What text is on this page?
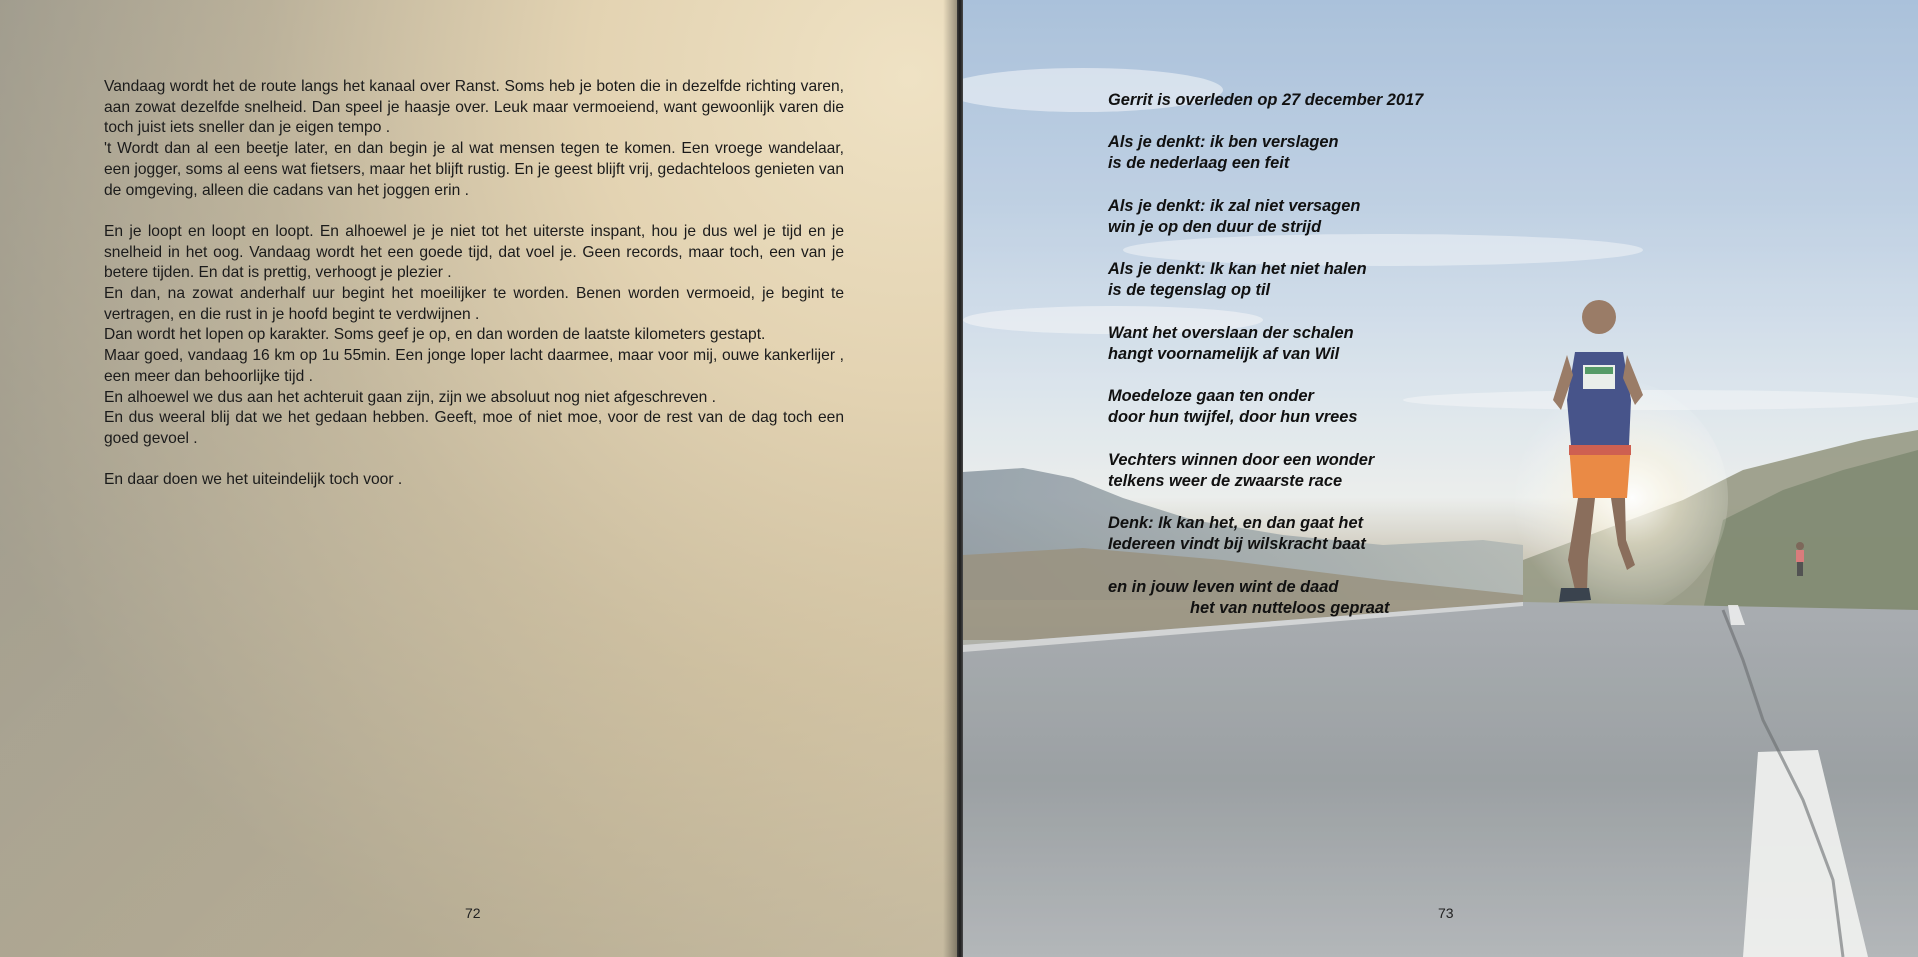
Vandaag wordt het de route langs het kanaal over Ranst. Soms heb je boten die in dezelfde richting varen, aan zowat dezelfde snelheid. Dan speel je haasje over. Leuk maar vermoeiend, want gewoonlijk varen die toch juist iets sneller dan je eigen tempo .

't Wordt dan al een beetje later, en dan begin je al wat mensen tegen te komen. Een vroege wandelaar, een jogger, soms al eens wat fietsers, maar het blijft rustig. En je geest blijft vrij, gedachteloos genieten van de omgeving, alleen die cadans van het joggen erin .

En je loopt en loopt en loopt. En alhoewel je je niet tot het uiterste inspant, hou je dus wel je tijd en je snelheid in het oog. Vandaag wordt het een goede tijd, dat voel je. Geen records, maar toch, een van je betere tijden. En dat is prettig, verhoogt je plezier .

En dan, na zowat anderhalf uur begint het moeilijker te worden. Benen worden vermoeid, je begint te vertragen, en die rust in je hoofd begint te verdwijnen .

Dan wordt het lopen op karakter. Soms geef je op, en dan worden de laatste kilometers gestapt.

Maar goed, vandaag 16 km op 1u 55min. Een jonge loper lacht daarmee, maar voor mij, ouwe kankerlijer , een meer dan behoorlijke tijd .

En alhoewel we dus aan het achteruit gaan zijn, zijn we absoluut nog niet afgeschreven .

En dus weeral blij dat we het gedaan hebben. Geeft, moe of niet moe, voor de rest van de dag toch een goed gevoel .

En daar doen we het uiteindelijk toch voor .

72
Gerrit is overleden op 27 december 2017
Als je denkt: ik ben verslagen
is de nederlaag een feit
Als je denkt: ik zal niet versagen
win je op den duur de strijd
Als je denkt: Ik kan het niet halen
is de tegenslag op til
Want het overslaan der schalen
hangt voornamelijk af van Wil
Moedeloze gaan ten onder
door hun twijfel, door hun vrees
Vechters winnen door een wonder
telkens weer de zwaarste race
Denk: Ik kan het, en dan gaat het
Iedereen vindt bij wilskracht baat
en in jouw leven wint de daad
het van nutteloos gepraat
73
